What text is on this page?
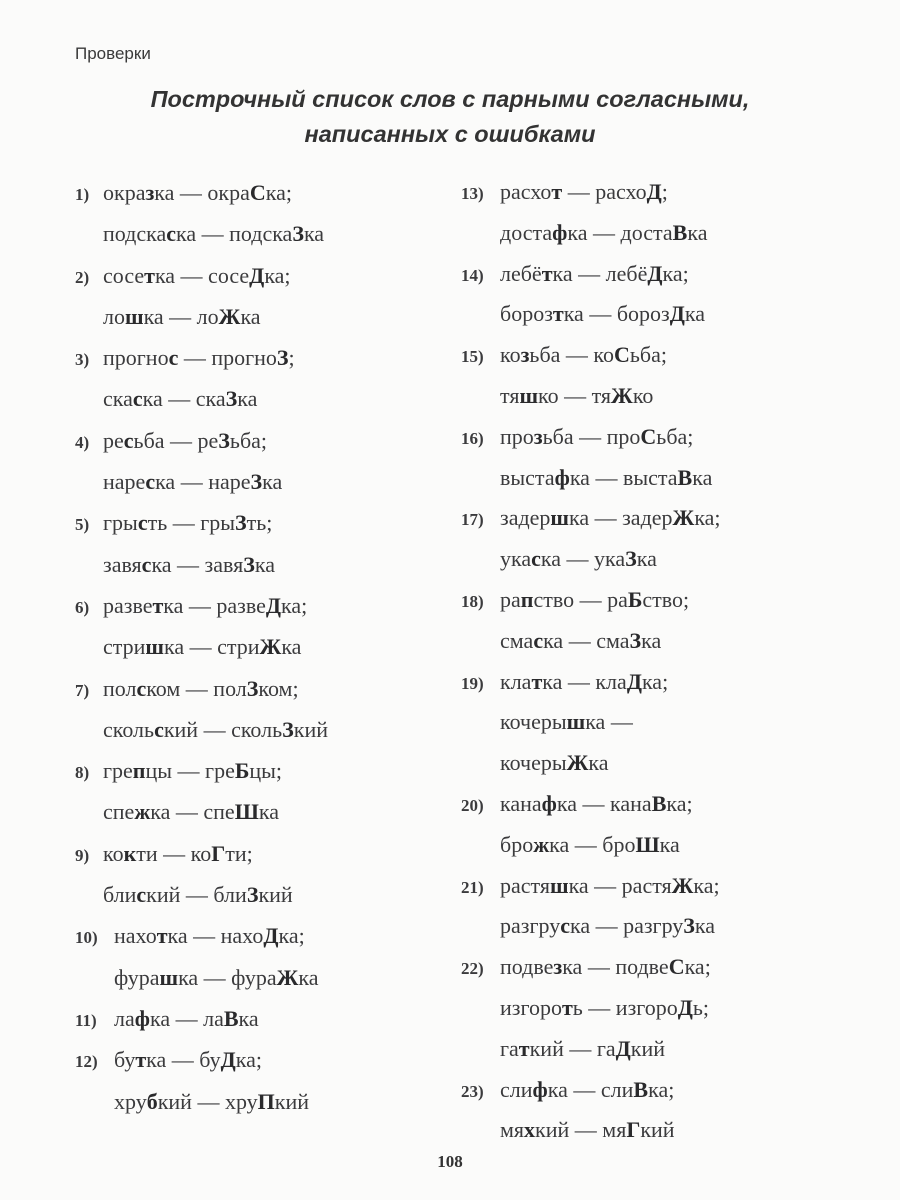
Проверки
Построчный список слов с парными согласными,
написанных с ошибками
1) окразка — окраСка;
подскаска — подскаЗка
2) сосетка — сосеДка;
лошка — лоЖка
3) прогнос — прогноЗ;
скаска — скаЗка
4) ресьба — реЗьба;
нареска — нареЗка
5) грысть — грыЗть;
завяска — завяЗка
6) разветка — развеДка;
стришка — стриЖка
7) полском — полЗком;
скольский — скольЗкий
8) грепцы — греБцы;
спежка — спеШка
9) кокти — коГти;
блиский — блиЗкий
10) нахотка — нахоДка;
фурашка — фураЖка
11) лафка — лаВка
12) бутка — буДка;
хрубкий — хруПкий
13) расхот — расхоД;
достафка — достаВка
14) лебётка — лебёДка;
борoзтка — борозДка
15) козьба — коСьба;
тяшко — тяЖко
16) прозьба — проСьба;
выстафка — выстаВка
17) задершка — задерЖка;
укаска — укаЗка
18) рапство — раБство;
смаска — смаЗка
19) клатка — клаДка;
кочерышка —
кочерыЖка
20) канафка — канаВка;
брожка — броШка
21) растяшка — растяЖка;
разгруска — разгруЗка
22) подвезка — подвеСка;
изгороть — изгороДь;
гаткий — гаДкий
23) слифка — слиВка;
мяхкий — мяГкий
108
